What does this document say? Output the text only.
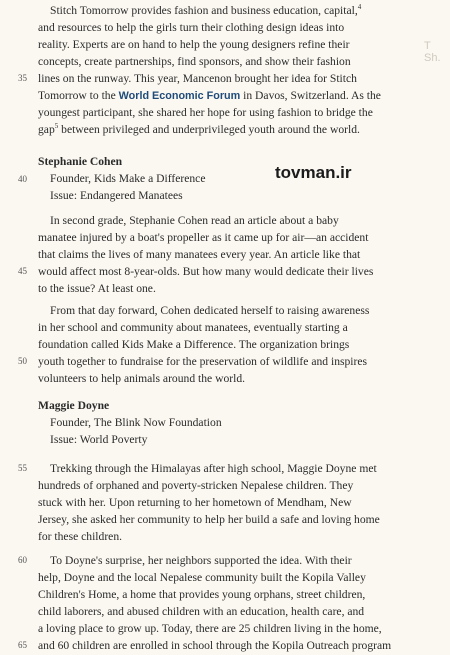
T
Sh.
Stitch Tomorrow provides fashion and business education, capital,$^4$
and resources to help the girls turn their clothing design ideas into
reality. Experts are on hand to help the young designers refine their
concepts, create partnerships, find sponsors, and show their fashion
35 lines on the runway. This year, Mancenon brought her idea for Stitch
Tomorrow to the World Economic Forum in Davos, Switzerland. As the
youngest participant, she shared her hope for using fashion to bridge the
gap$^5$ between privileged and underprivileged youth around the world.
Stephanie Cohen
Founder, Kids Make a Difference
40
Issue: Endangered Manatees
tovman.ir
In second grade, Stephanie Cohen read an article about a baby
manatee injured by a boat's propeller as it came up for air—an accident
that claims the lives of many manatees every year. An article like that
45 would affect most 8-year-olds. But how many would dedicate their lives
to the issue? At least one.
From that day forward, Cohen dedicated herself to raising awareness
in her school and community about manatees, eventually starting a
foundation called Kids Make a Difference. The organization brings
50 youth together to fundraise for the preservation of wildlife and inspires
volunteers to help animals around the world.
Maggie Doyne
Founder, The Blink Now Foundation
Issue: World Poverty
55	Trekking through the Himalayas after high school, Maggie Doyne met
hundreds of orphaned and poverty-stricken Nepalese children. They
stuck with her. Upon returning to her hometown of Mendham, New
Jersey, she asked her community to help her build a safe and loving home
for these children.
60	To Doyne's surprise, her neighbors supported the idea. With their
help, Doyne and the local Nepalese community built the Kopila Valley
Children's Home, a home that provides young orphans, street children,
child laborers, and abused children with an education, health care, and
a loving place to grow up. Today, there are 25 children living in the home,
65 and 60 children are enrolled in school through the Kopila Outreach program
